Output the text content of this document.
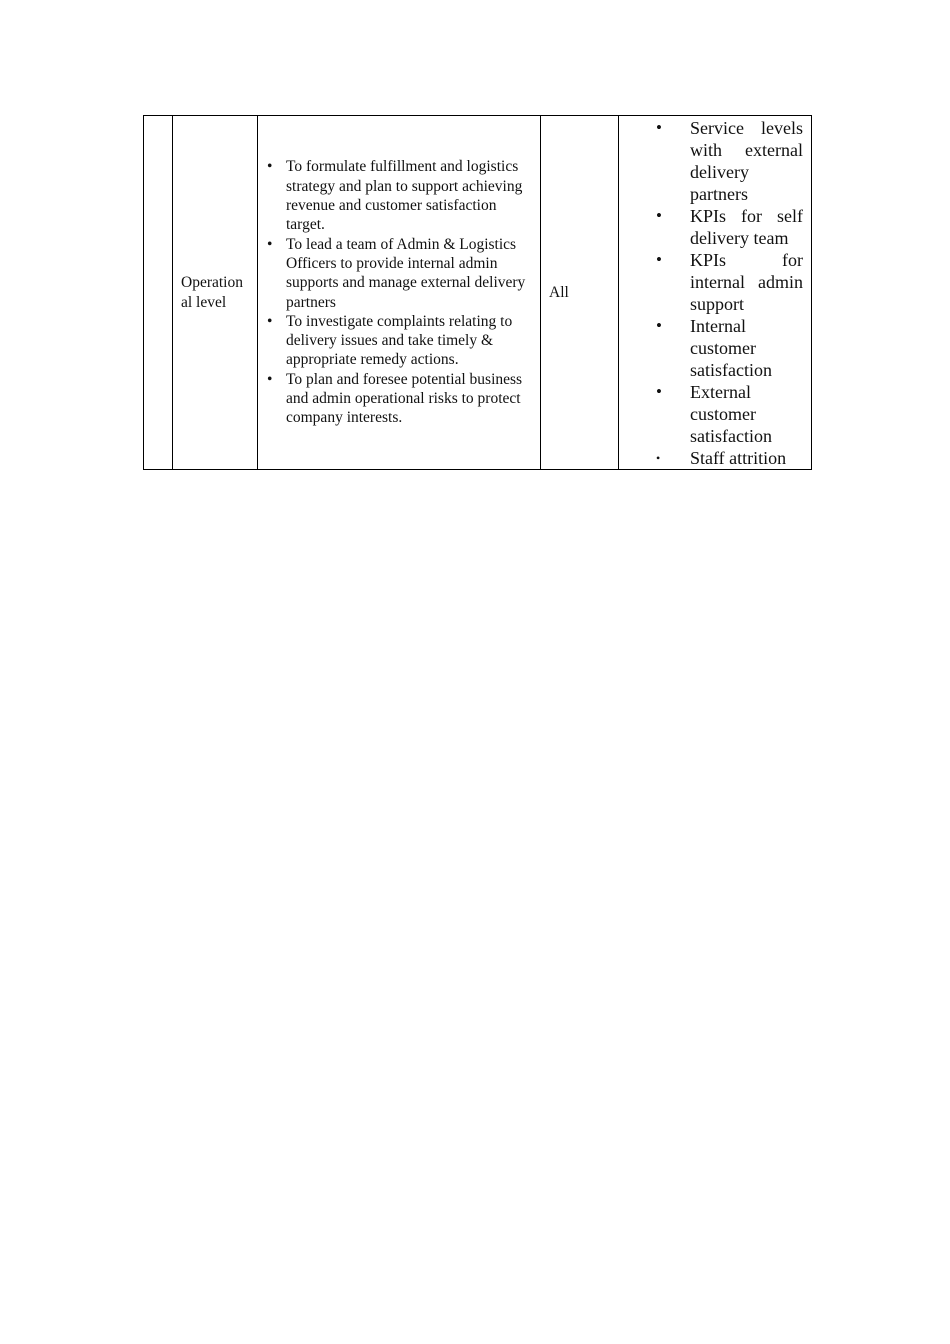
Operation al level

• To formulate fulfillment and logistics strategy and plan to support achieving revenue and customer satisfaction target.
• To lead a team of Admin & Logistics Officers to provide internal admin supports and manage external delivery partners
• To investigate complaints relating to delivery issues and take timely & appropriate remedy actions.
• To plan and foresee potential business and admin operational risks to protect company interests.

All

• Service levels with external delivery partners
• KPIs for self delivery team
• KPIs for internal admin support
• Internal customer satisfaction
• External customer satisfaction
• Staff attrition
